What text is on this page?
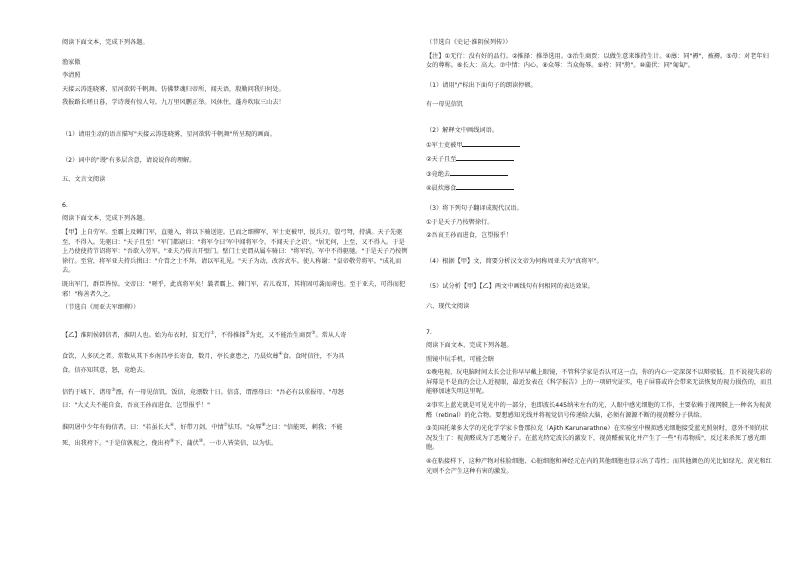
阅读下面文本，完成下列各题。

渔家傲

李清照

天接云涛连晓雾，星河欲转千帆舞。仿佛梦魂归帝所，闻天语，殷勤问我归何处。

我报路长嗟日暮，学诗谩有惊人句。九万里风鹏正举。风休住，蓬舟吹取三山去！

（1）请用生动的语言描写"天接云涛连晓雾，星河欲转千帆舞"所呈现的画面。

（2）词中的"谩"有多层含意，请说说你的理解。

五、文言文阅读

6.

阅读下面文本，完成下列各题。

【甲】上自劳军。至霸上及棘门军，直驰入，将以下骑送迎。已而之细柳军，军士吏被甲，锐兵刃，彀弓弩，持满。天子先驱至，不得入。先驱曰："天子且至！"军门都尉曰："将军令曰'军中闻将军令，不闻天子之诏'。"居无何，上至，又不得入。于是上乃使使持节诏将军："吾欲入劳军。"亚夫乃传言开壁门。壁门士吏谓从属车骑曰："将军约，军中不得驱驰。"于是天子乃按辔徐行。至营，将军亚夫持兵揖曰："介胄之士不拜，请以军礼见。"天子为动，改容式车。使人称谢："皇帝敬劳将军。"成礼而去。

既出军门，群臣皆惊。文帝曰："嗟乎，此真将军矣！曩者霸上、棘门军，若儿戏耳，其将固可袭而虏也。至于亚夫，可得而犯邪！"称善者久之。

（节选自《周亚夫军细柳》）

【乙】淮阴侯韩信者，淮阴人也。始为布衣时，贫无行①，不得推择②为吏，又不能治生商贾③。常从人寄

食饮，人多厌之者。常数从其下乡南昌亭长寄食，数月，亭长妻患之，乃晨炊蓐④食。食时信往，不为具

食。信亦知其意，怒，竟绝去。

信钓于城下，诸母⑤漂，有一母见信饥，饭信，竟漂数十日。信喜，谓漂母曰："吾必有以重报母。"母怒

曰："大丈夫不能自食，吾哀王孙而进食，岂望报乎！"

淮阴屠中少年有侮信者，曰："若虽长大⑥，好带刀剑，中情⑦怯耳。"众辱⑧之曰："信能死，刺我；不能

死，出我袴下。"于是信孰视之，俛出袴⑨下，蒲伏⑩。一市人皆笑信，以为怯。

（节选自《史记·淮阴侯列传》）

【注】①无行：没有好的品行。②推择：推举选用。③治生商贾：以做生意来维持生计。④蓐：同"褥"，被褥。⑤母：对老年妇女的尊称。⑥长大：高大。⑦中情：内心。⑧众辱：当众侮辱。⑨袴：同"胯"。⑩蒲伏：同"匍匐"。

（1）请用"/"标出下面句子的朗读停顿。

有一母见信饥

（2）解释文中画线词语。

①军士吏被甲

②天子且至

③竟绝去

④晨炊蓐食

（3）将下列句子翻译成现代汉语。

①于是天子乃按辔徐行。

②吾哀王孙而进食，岂望报乎！

（4）根据【甲】文，简要分析汉文帝为何称周亚夫为"真将军"。

（5）试分析【甲】【乙】两文中画线句有何相同的表达效果。

六、现代文阅读

7.

阅读下面文本，完成下列各题。

照镜中玩手机，可能会瞎

①晚电视、玩电脑时间太长会让你早早戴上眼镜，不管科学家是否认可这一点，你的内心一定深深不以辩驳低。且不说视失彩的屏幕是不是真的会让人近视眼，最近发表在《科学报告》上的一项研究证实，电子屏幕或许会带来无法恢复的视力损伤的，而且能够加速失明这里呢。

②事实上蓝光就是可见光中的一部分，也即波长445纳米左右的光，人眼中感光细胞的工作，主要依赖于视网膜上一种名为视黄醛（retinal）的化合物。要想感知光线并将视觉信号传递给大脑，必须有源源不断的视黄醛分子供给。

③美国托莱多大学的光化学学家卡鲁那拉克（Ajith Karunarathne）在实验室中模拟感光细胞接受蓝光照射时，意外不则的状况发生了：视黄醛成为了恶魔分子。在蓝光特定波长的激发下，视黄醛被氧化并产生了一些"有毒物质"，反过来杀死了感光细胞。

④在粘接样下，这种产物对桂脸细胞、心脏细胞和神经元在内的其他细胞也显示出了毒性；而其他颜色的光比如绿光、黄光和红光则不会产生这种有害的激发。
